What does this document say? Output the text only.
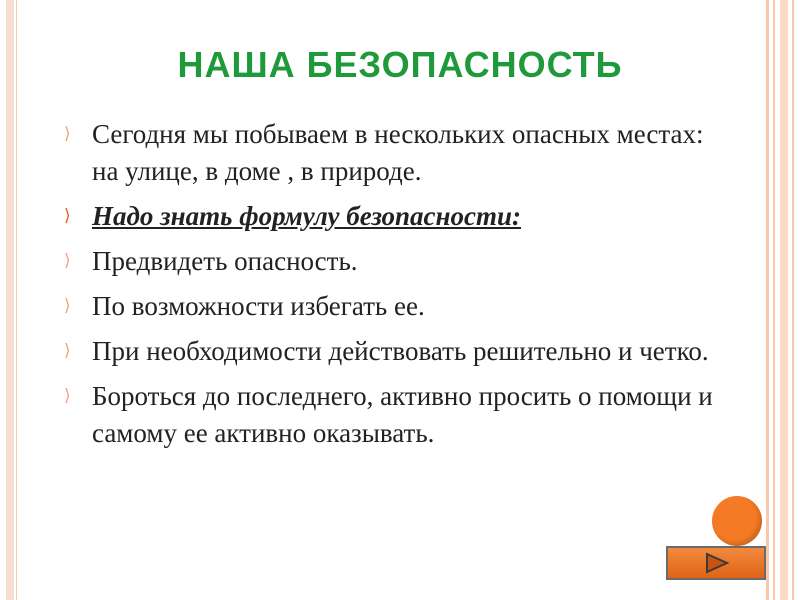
НАША БЕЗОПАСНОСТЬ
⟩ Сегодня мы побываем в нескольких опасных местах: на улице, в доме , в природе.
⟩ Надо знать формулу безопасности:
⟩ Предвидеть опасность.
⟩ По возможности избегать ее.
⟩ При необходимости действовать решительно и четко.
⟩ Бороться до последнего, активно просить о помощи и самому ее активно оказывать.
